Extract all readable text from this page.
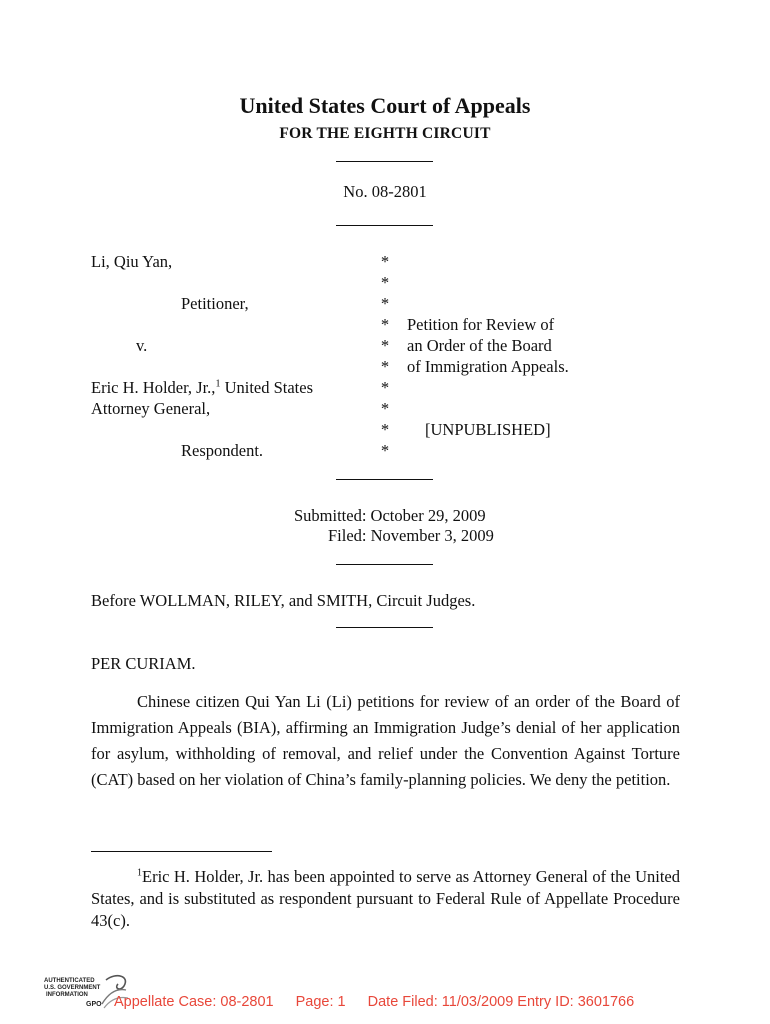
United States Court of Appeals
FOR THE EIGHTH CIRCUIT
No. 08-2801
Li, Qiu Yan,
Petitioner,
v.
Eric H. Holder, Jr.,$^1$ United States
Attorney General,
Respondent.
*
*
*
*
*
*
*
*
*
*
Petition for Review of
an Order of the Board
of Immigration Appeals.
[UNPUBLISHED]
Submitted: October 29, 2009
Filed: November 3, 2009
Before WOLLMAN, RILEY, and SMITH, Circuit Judges.
PER CURIAM.
Chinese citizen Qui Yan Li (Li) petitions for review of an order of the Board of Immigration Appeals (BIA), affirming an Immigration Judge’s denial of her application for asylum, withholding of removal, and relief under the Convention Against Torture (CAT) based on her violation of China’s family-planning policies. We deny the petition.
$^1$Eric H. Holder, Jr. has been appointed to serve as Attorney General of the United States, and is substituted as respondent pursuant to Federal Rule of Appellate Procedure 43(c).
AUTHENTICATED
U.S. GOVERNMENT
INFORMATION
GPO Appellate Case: 08-2801 Page: 1 Date Filed: 11/03/2009 Entry ID: 3601766
